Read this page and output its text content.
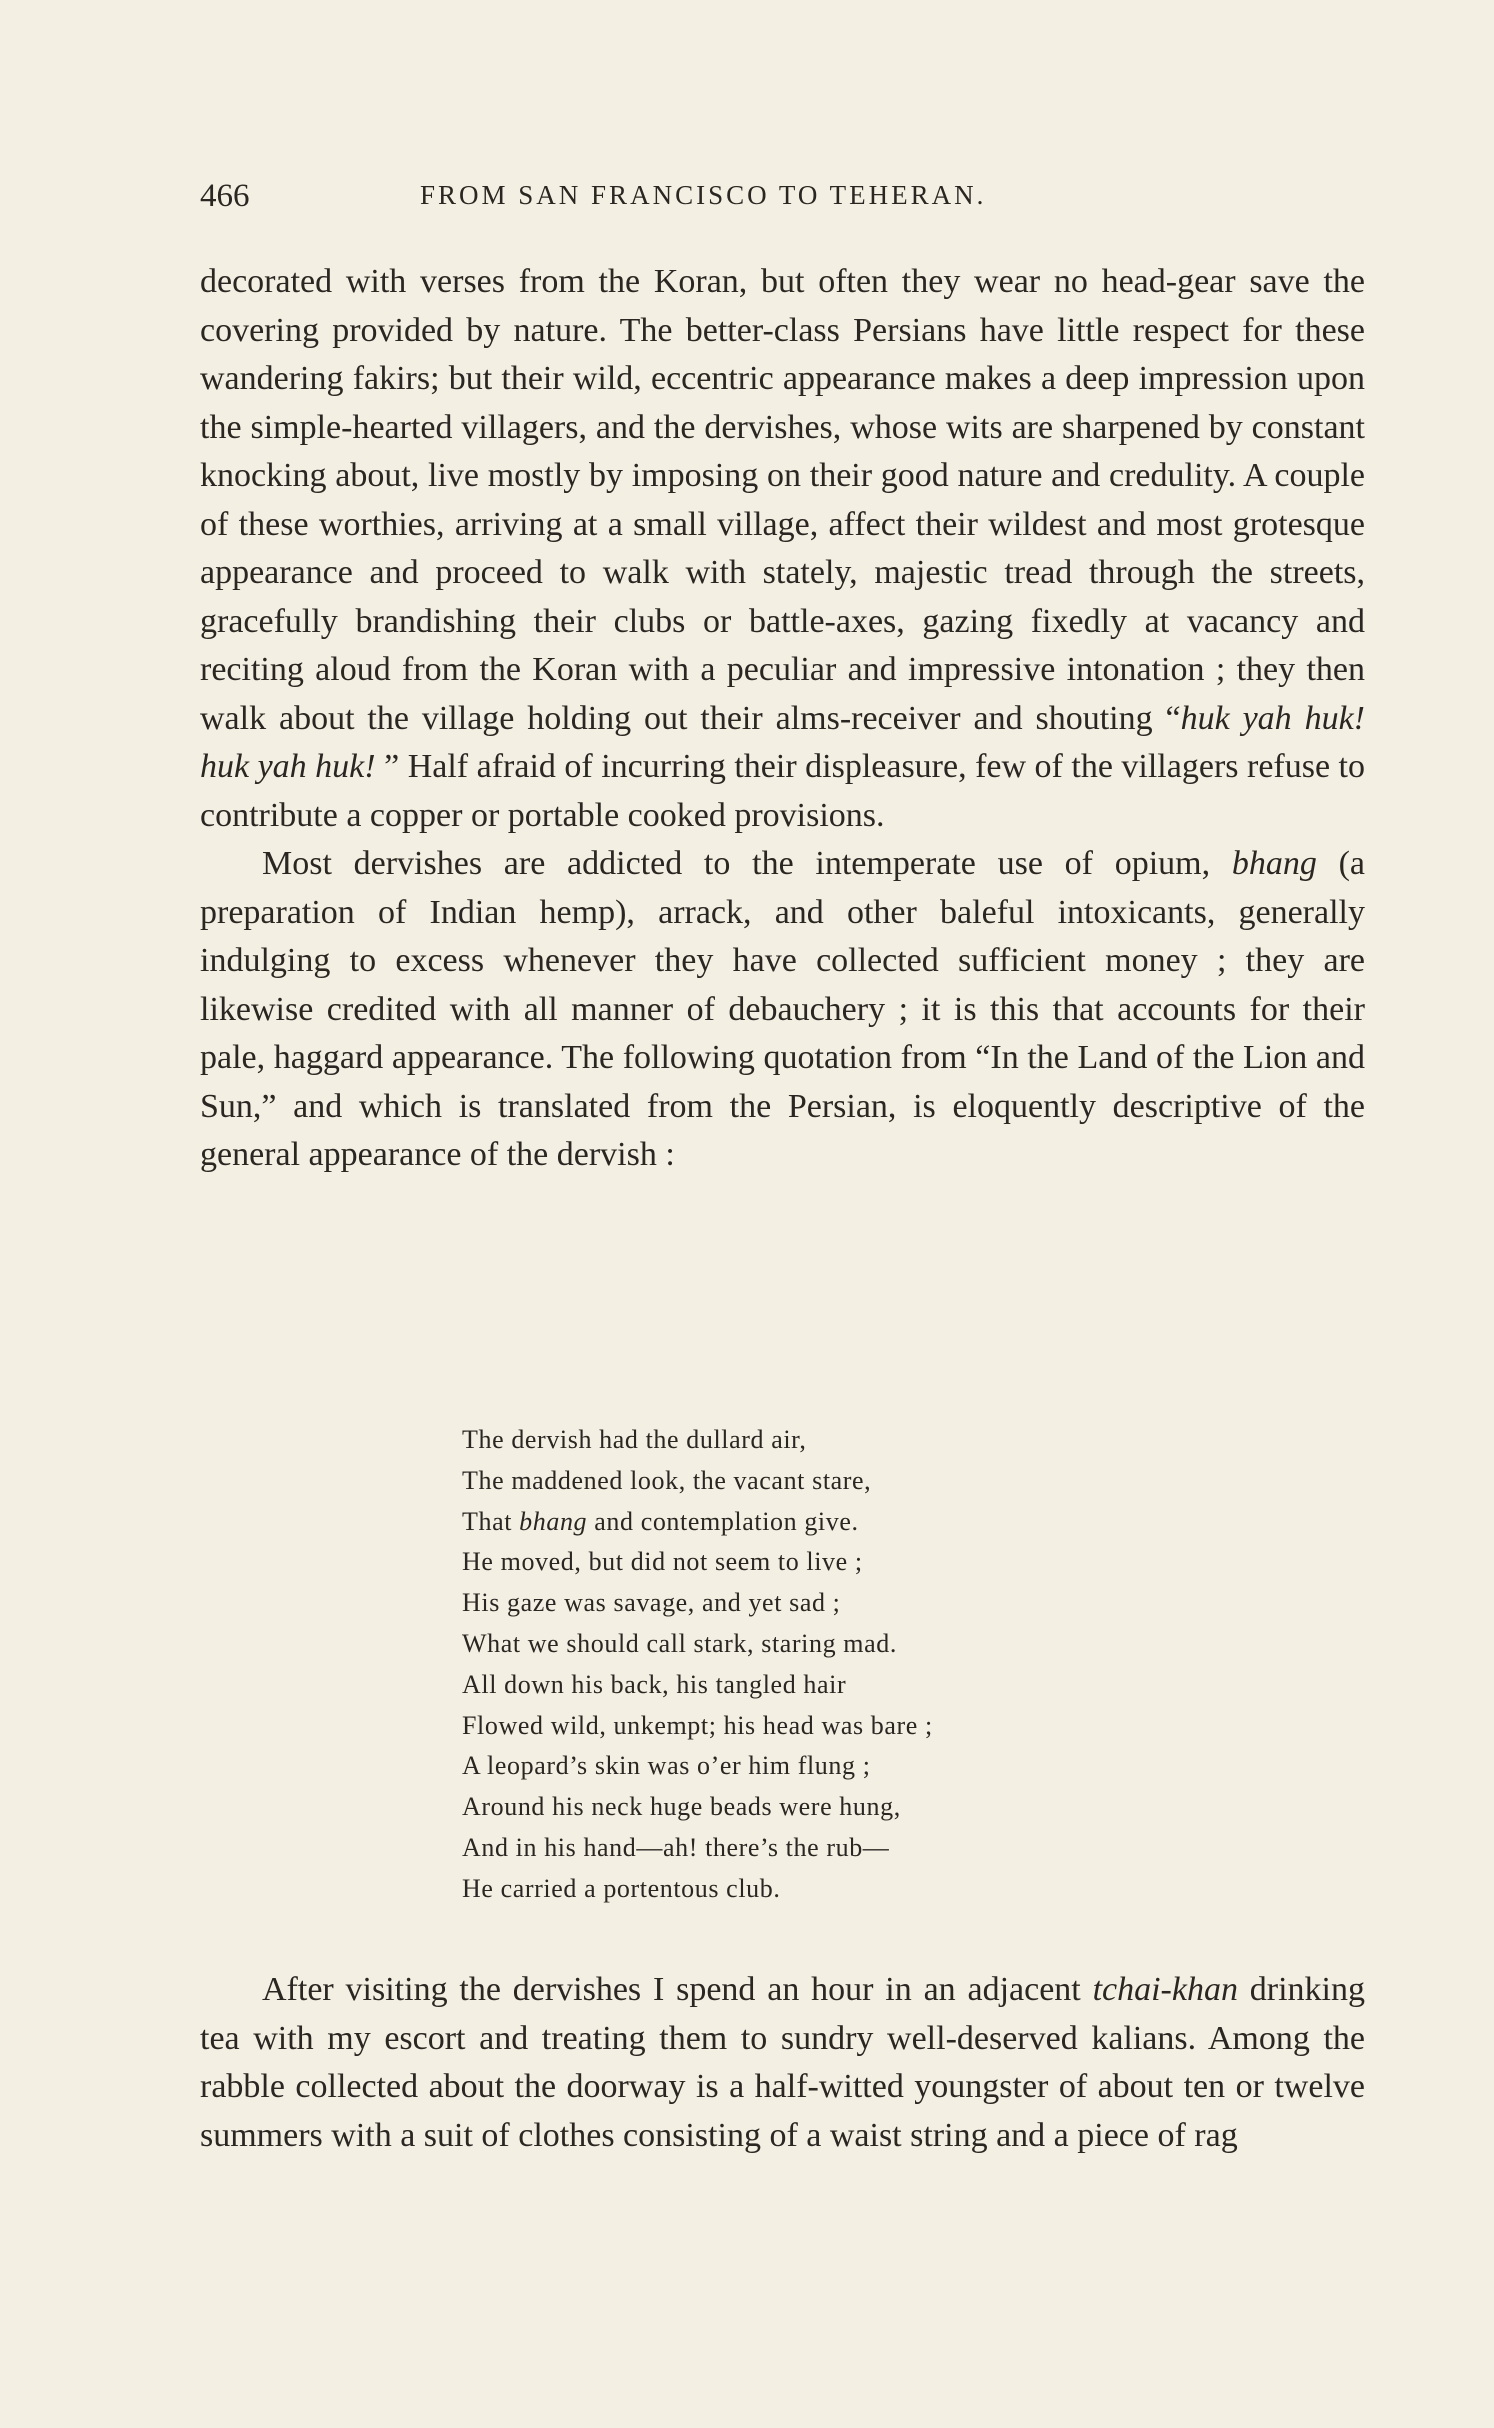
466	FROM SAN FRANCISCO TO TEHERAN.

decorated with verses from the Koran, but often they wear no head-gear save the covering provided by nature. The better-class Persians have little respect for these wandering fakirs; but their wild, eccentric appearance makes a deep impression upon the simple-hearted villagers, and the dervishes, whose wits are sharpened by constant knocking about, live mostly by imposing on their good nature and credulity. A couple of these worthies, arriving at a small village, affect their wildest and most grotesque appearance and proceed to walk with stately, majestic tread through the streets, gracefully brandishing their clubs or battle-axes, gazing fixedly at vacancy and reciting aloud from the Koran with a peculiar and impressive intonation ; they then walk about the village holding out their alms-receiver and shouting “huk yah huk! huk yah huk! ” Half afraid of incurring their displeasure, few of the villagers refuse to contribute a copper or portable cooked provisions.

Most dervishes are addicted to the intemperate use of opium, bhang (a preparation of Indian hemp), arrack, and other baleful intoxicants, generally indulging to excess whenever they have collected sufficient money ; they are likewise credited with all manner of debauchery ; it is this that accounts for their pale, haggard appearance. The following quotation from “In the Land of the Lion and Sun,” and which is translated from the Persian, is eloquently descriptive of the general appearance of the dervish :

The dervish had the dullard air,
The maddened look, the vacant stare,
That bhang and contemplation give.
He moved, but did not seem to live ;
His gaze was savage, and yet sad ;
What we should call stark, staring mad.
All down his back, his tangled hair
Flowed wild, unkempt; his head was bare ;
A leopard’s skin was o’er him flung ;
Around his neck huge beads were hung,
And in his hand—ah! there’s the rub—
He carried a portentous club.

After visiting the dervishes I spend an hour in an adjacent tchai-khan drinking tea with my escort and treating them to sundry well-deserved kalians. Among the rabble collected about the doorway is a half-witted youngster of about ten or twelve summers with a suit of clothes consisting of a waist string and a piece of rag
